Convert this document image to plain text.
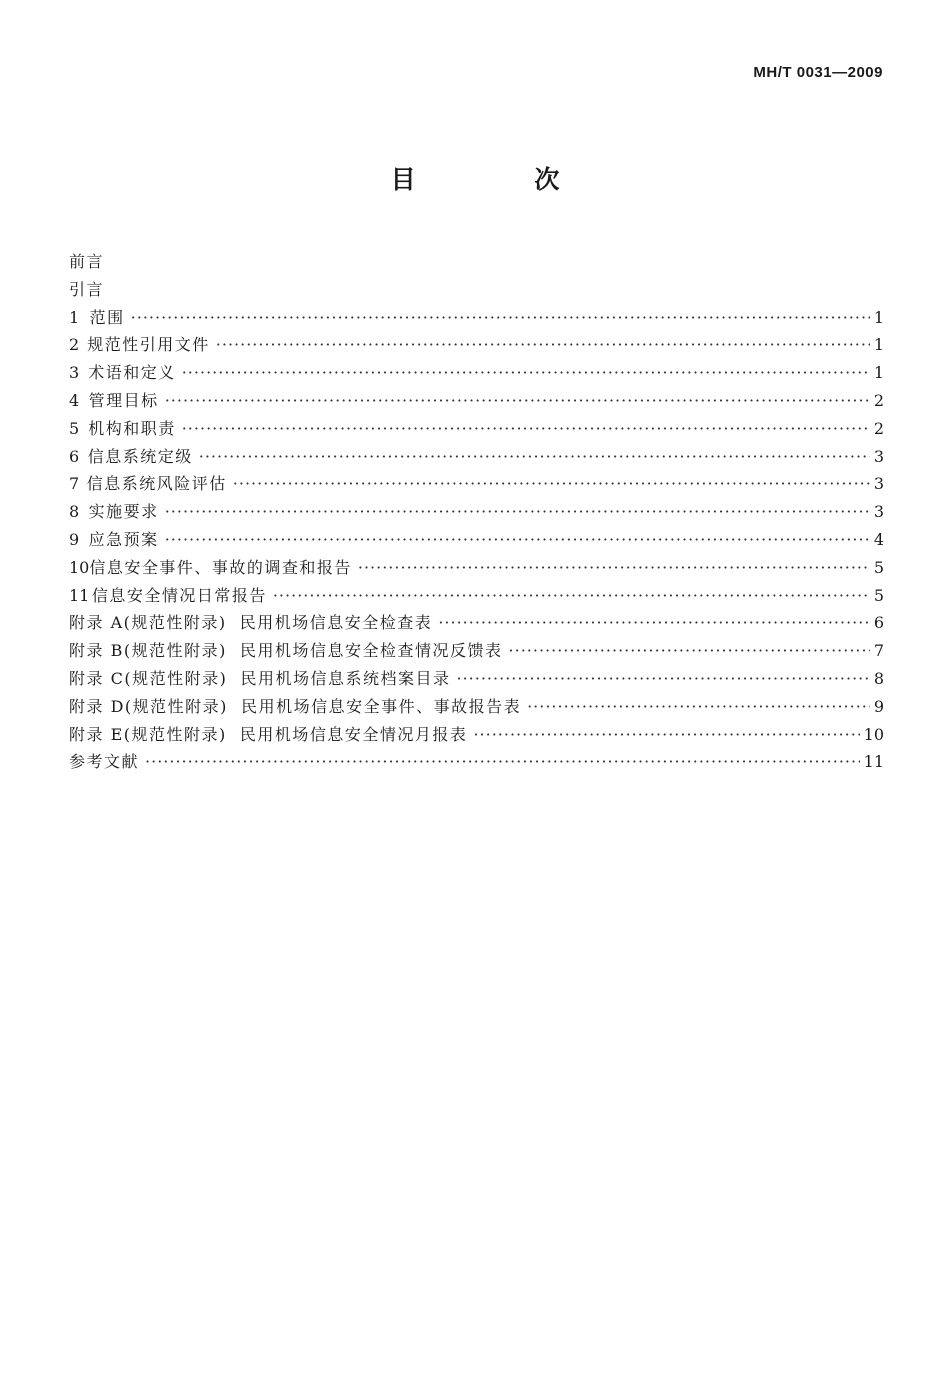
MH/T 0031—2009
目 次
前言
引言
1 范围 ·····	1
2 规范性引用文件 ·····	1
3 术语和定义 ·····	1
4 管理目标 ·····	2
5 机构和职责 ·····	2
6 信息系统定级 ·····	3
7 信息系统风险评估 ·····	3
8 实施要求 ·····	3
9 应急预案 ·····	4
10 信息安全事件、事故的调查和报告 ·····	5
11 信息安全情况日常报告 ·····	5
附录 A(规范性附录)  民用机场信息安全检查表 ·····	6
附录 B(规范性附录)  民用机场信息安全检查情况反馈表 ·····	7
附录 C(规范性附录)  民用机场信息系统档案目录 ·····	8
附录 D(规范性附录)  民用机场信息安全事件、事故报告表 ·····	9
附录 E(规范性附录)  民用机场信息安全情况月报表 ·····	10
参考文献 ·····	11
